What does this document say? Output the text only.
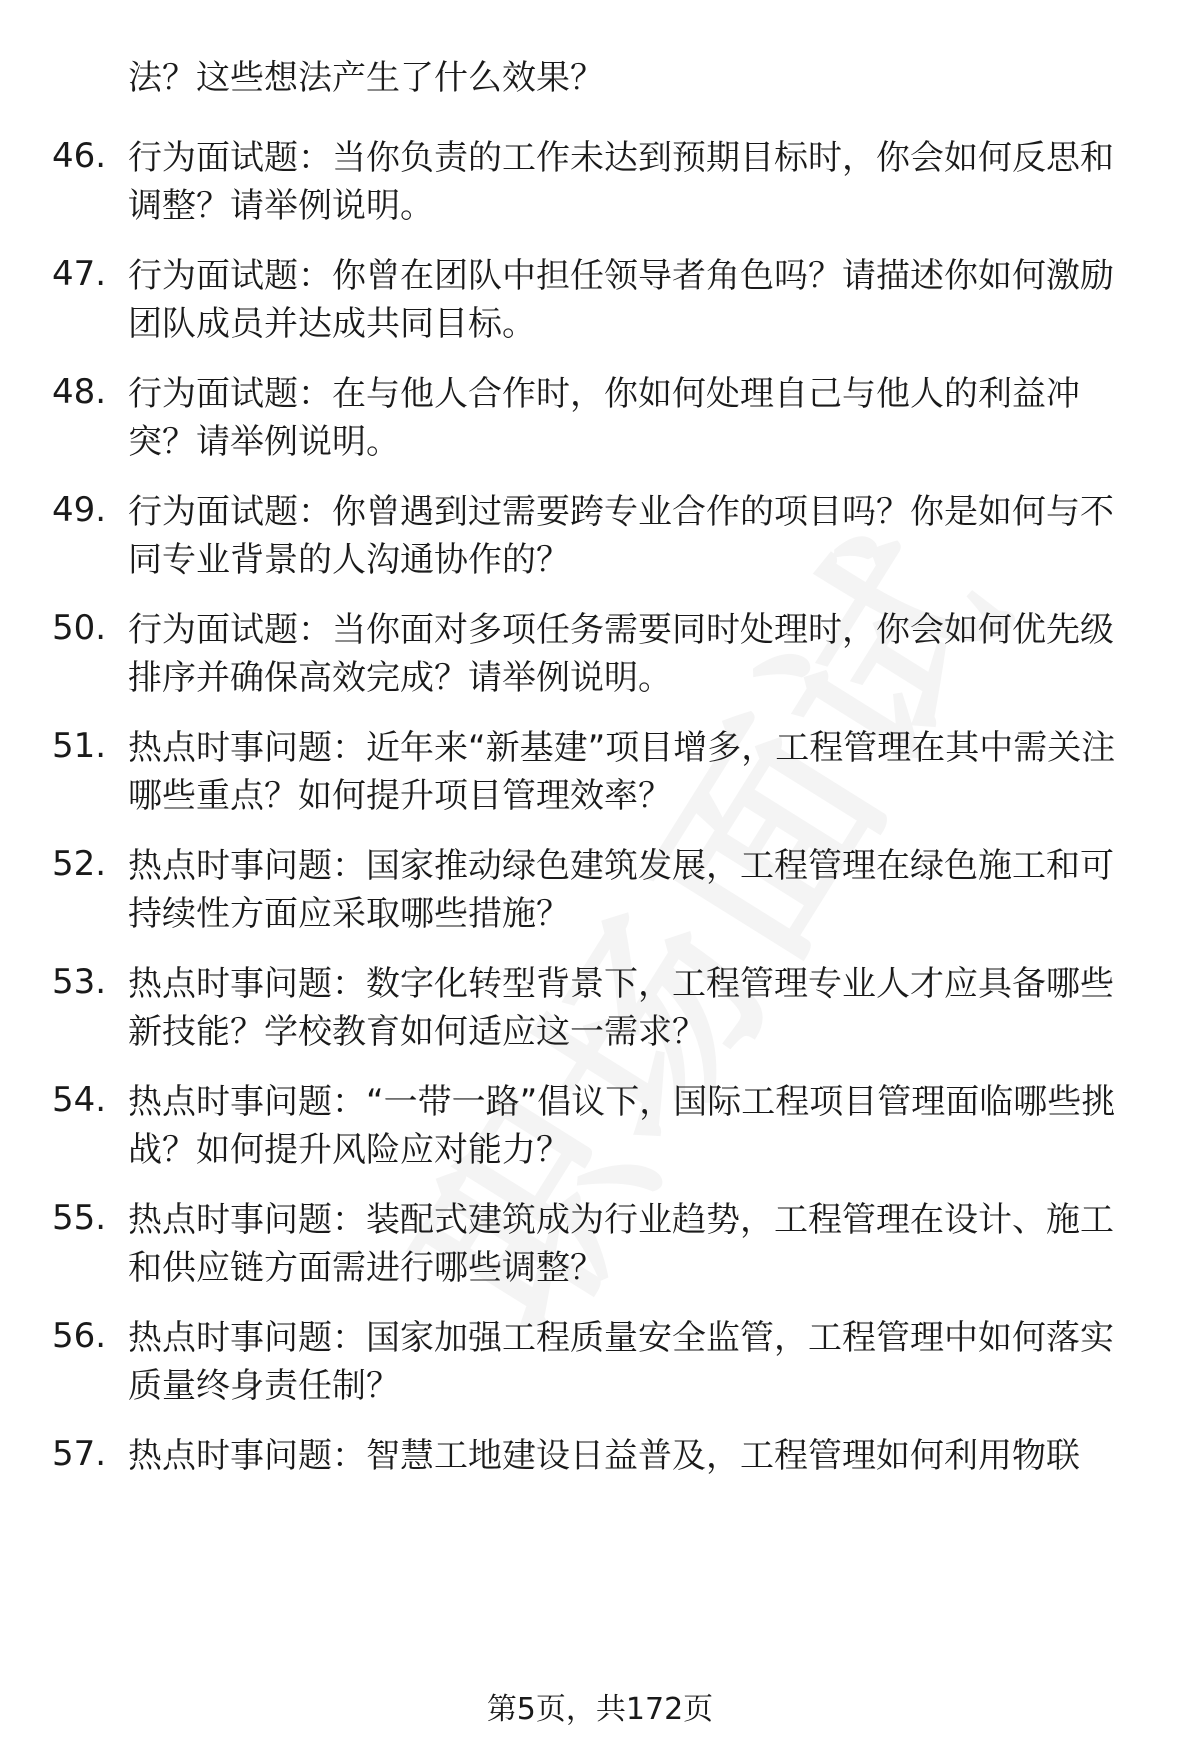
法？这些想法产生了什么效果？
46. 行为面试题：当你负责的工作未达到预期目标时，你会如何反思和调整？请举例说明。
47. 行为面试题：你曾在团队中担任领导者角色吗？请描述你如何激励团队成员并达成共同目标。
48. 行为面试题：在与他人合作时，你如何处理自己与他人的利益冲突？请举例说明。
49. 行为面试题：你曾遇到过需要跨专业合作的项目吗？你是如何与不同专业背景的人沟通协作的？
50. 行为面试题：当你面对多项任务需要同时处理时，你会如何优先级排序并确保高效完成？请举例说明。
51. 热点时事问题：近年来“新基建”项目增多，工程管理在其中需关注哪些重点？如何提升项目管理效率？
52. 热点时事问题：国家推动绿色建筑发展，工程管理在绿色施工和可持续性方面应采取哪些措施？
53. 热点时事问题：数字化转型背景下，工程管理专业人才应具备哪些新技能？学校教育如何适应这一需求？
54. 热点时事问题：“一带一路”倡议下，国际工程项目管理面临哪些挑战？如何提升风险应对能力？
55. 热点时事问题：装配式建筑成为行业趋势，工程管理在设计、施工和供应链方面需进行哪些调整？
56. 热点时事问题：国家加强工程质量安全监管，工程管理中如何落实质量终身责任制？
57. 热点时事问题：智慧工地建设日益普及，工程管理如何利用物联
第5页，共172页
